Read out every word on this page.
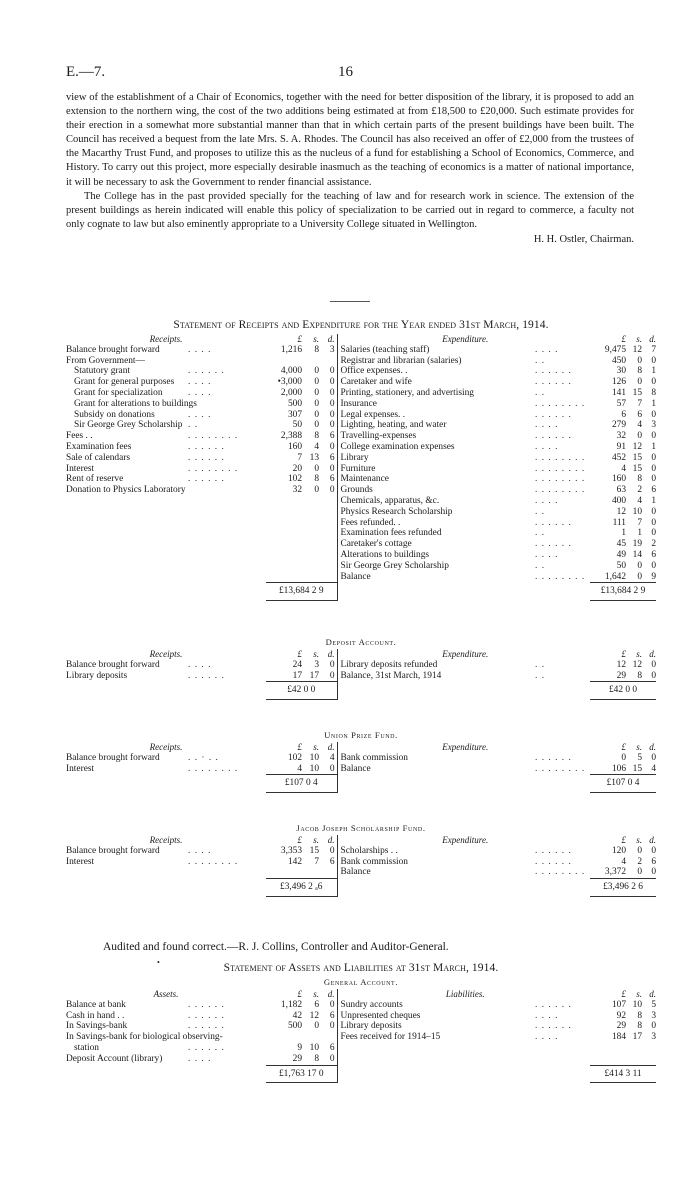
E.—7.	16

view of the establishment of a Chair of Economics, together with the need for better disposition of the library, it is proposed to add an extension to the northern wing, the cost of the two additions being estimated at from £18,500 to £20,000. Such estimate provides for their erection in a somewhat more substantial manner than that in which certain parts of the present buildings have been built. The Council has received a bequest from the late Mrs. S. A. Rhodes. The Council has also received an offer of £2,000 from the trustees of the Macarthy Trust Fund, and proposes to utilize this as the nucleus of a fund for establishing a School of Economics, Commerce, and History. To carry out this project, more especially desirable inasmuch as the teaching of economics is a matter of national importance, it will be necessary to ask the Government to render financial assistance.

The College has in the past provided specially for the teaching of law and for research work in science. The extension of the present buildings as herein indicated will enable this policy of specialization to be carried out in regard to commerce, a faculty not only cognate to law but also eminently appropriate to a University College situated in Wellington.

H. H. Ostler, Chairman.
Statement of Receipts and Expenditure for the Year ended 31st March, 1914.
Receipts.		£	s.	d.	Expenditure.		£	s.	d.
Balance brought forward	. . . .	1,216	8	3	Salaries (teaching staff)	. . . .	9,475	12	7
From Government—					Registrar and librarian (salaries)	. .	450	0	0
Statutory grant	. . . . . .	4,000	0	0	Office expenses. .	. . . . . .	30	8	1
Grant for general purposes	. . . .	•3,000	0	0	Caretaker and wife	. . . . . .	126	0	0
Grant for specialization	. . . .	2,000	0	0	Printing, stationery, and advertising	. .	141	15	8
Grant for alterations to buildings		500	0	0	Insurance	. . . . . . . .	57	7	1
Subsidy on donations	. . . .	307	0	0	Legal expenses. .	. . . . . .	6	6	0
Sir George Grey Scholarship	. .	50	0	0	Lighting, heating, and water	. . . .	279	4	3
Fees . .	. . . . . . . .	2,388	8	6	Travelling-expenses	. . . . . .	32	0	0
Examination fees	. . . . . .	160	4	0	College examination expenses	. . . .	91	12	1
Sale of calendars	. . . . . .	7	13	6	Library	. . . . . . . .	452	15	0
Interest	. . . . . . . .	20	0	0	Furniture	. . . . . . . .	4	15	0
Rent of reserve	. . . . . .	102	8	6	Maintenance	. . . . . . . .	160	8	0
Donation to Physics Laboratory		32	0	0	Grounds	. . . . . . . .	63	2	6
					Chemicals, apparatus, &c.	. . . .	400	4	1
					Physics Research Scholarship	. .	12	10	0
					Fees refunded. .	. . . . . .	111	7	0
					Examination fees refunded	. .	1	1	0
					Caretaker's cottage	. . . . . .	45	19	2
					Alterations to buildings	. . . .	49	14	6
					Sir George Grey Scholarship	. .	50	0	0
					Balance	. . . . . . . .	1,642	0	9
		£13,684 2 9					£13,684 2 9		
Deposit Account.
Receipts.		£	s.	d.	Expenditure.		£	s.	d.
Balance brought forward	. . . .	24	3	0	Library deposits refunded	. .	12	12	0
Library deposits	. . . . . .	17	17	0	Balance, 31st March, 1914	. .	29	8	0
		£42 0 0					£42 0 0		
Union Prize Fund.
Receipts.		£	s.	d.	Expenditure.		£	s.	d.
Balance brought forward	. . · . .	102	10	4	Bank commission	. . . . . .	0	5	0
Interest	. . . . . . . .	4	10	0	Balance	. . . . . . . .	106	15	4
		£107 0 4					£107 0 4		
Jacob Joseph Scholarship Fund.
Receipts.		£	s.	d.	Expenditure.		£	s.	d.
Balance brought forward	. . . .	3,353	15	0	Scholarships . .	. . . . . .	120	0	0
Interest	. . . . . . . .	142	7	6	Bank commission	. . . . . .	4	2	6
					Balance	. . . . . . . .	3,372	0	0
		£3,496 2 ₐ6					£3,496 2 6		
Audited and found correct.—R. J. Collins, Controller and Auditor-General.
•	Statement of Assets and Liabilities at 31st March, 1914.
General Account.
Assets.		£	s.	d.	Liabilities.		£	s.	d.
Balance at bank	. . . . . .	1,182	6	0	Sundry accounts	. . . . . .	107	10	5
Cash in hand . .	. . . . . .	42	12	6	Unpresented cheques	. . . .	92	8	3
In Savings-bank	. . . . . .	500	0	0	Library deposits	. . . . . .	29	8	0
In Savings-bank for biological observing-					Fees received for 1914–15	. . . .	184	17	3
station	. . . . . .	9	10	6					
Deposit Account (library)	. . . .	29	8	0					
		£1,763 17 0					£414 3 11		
